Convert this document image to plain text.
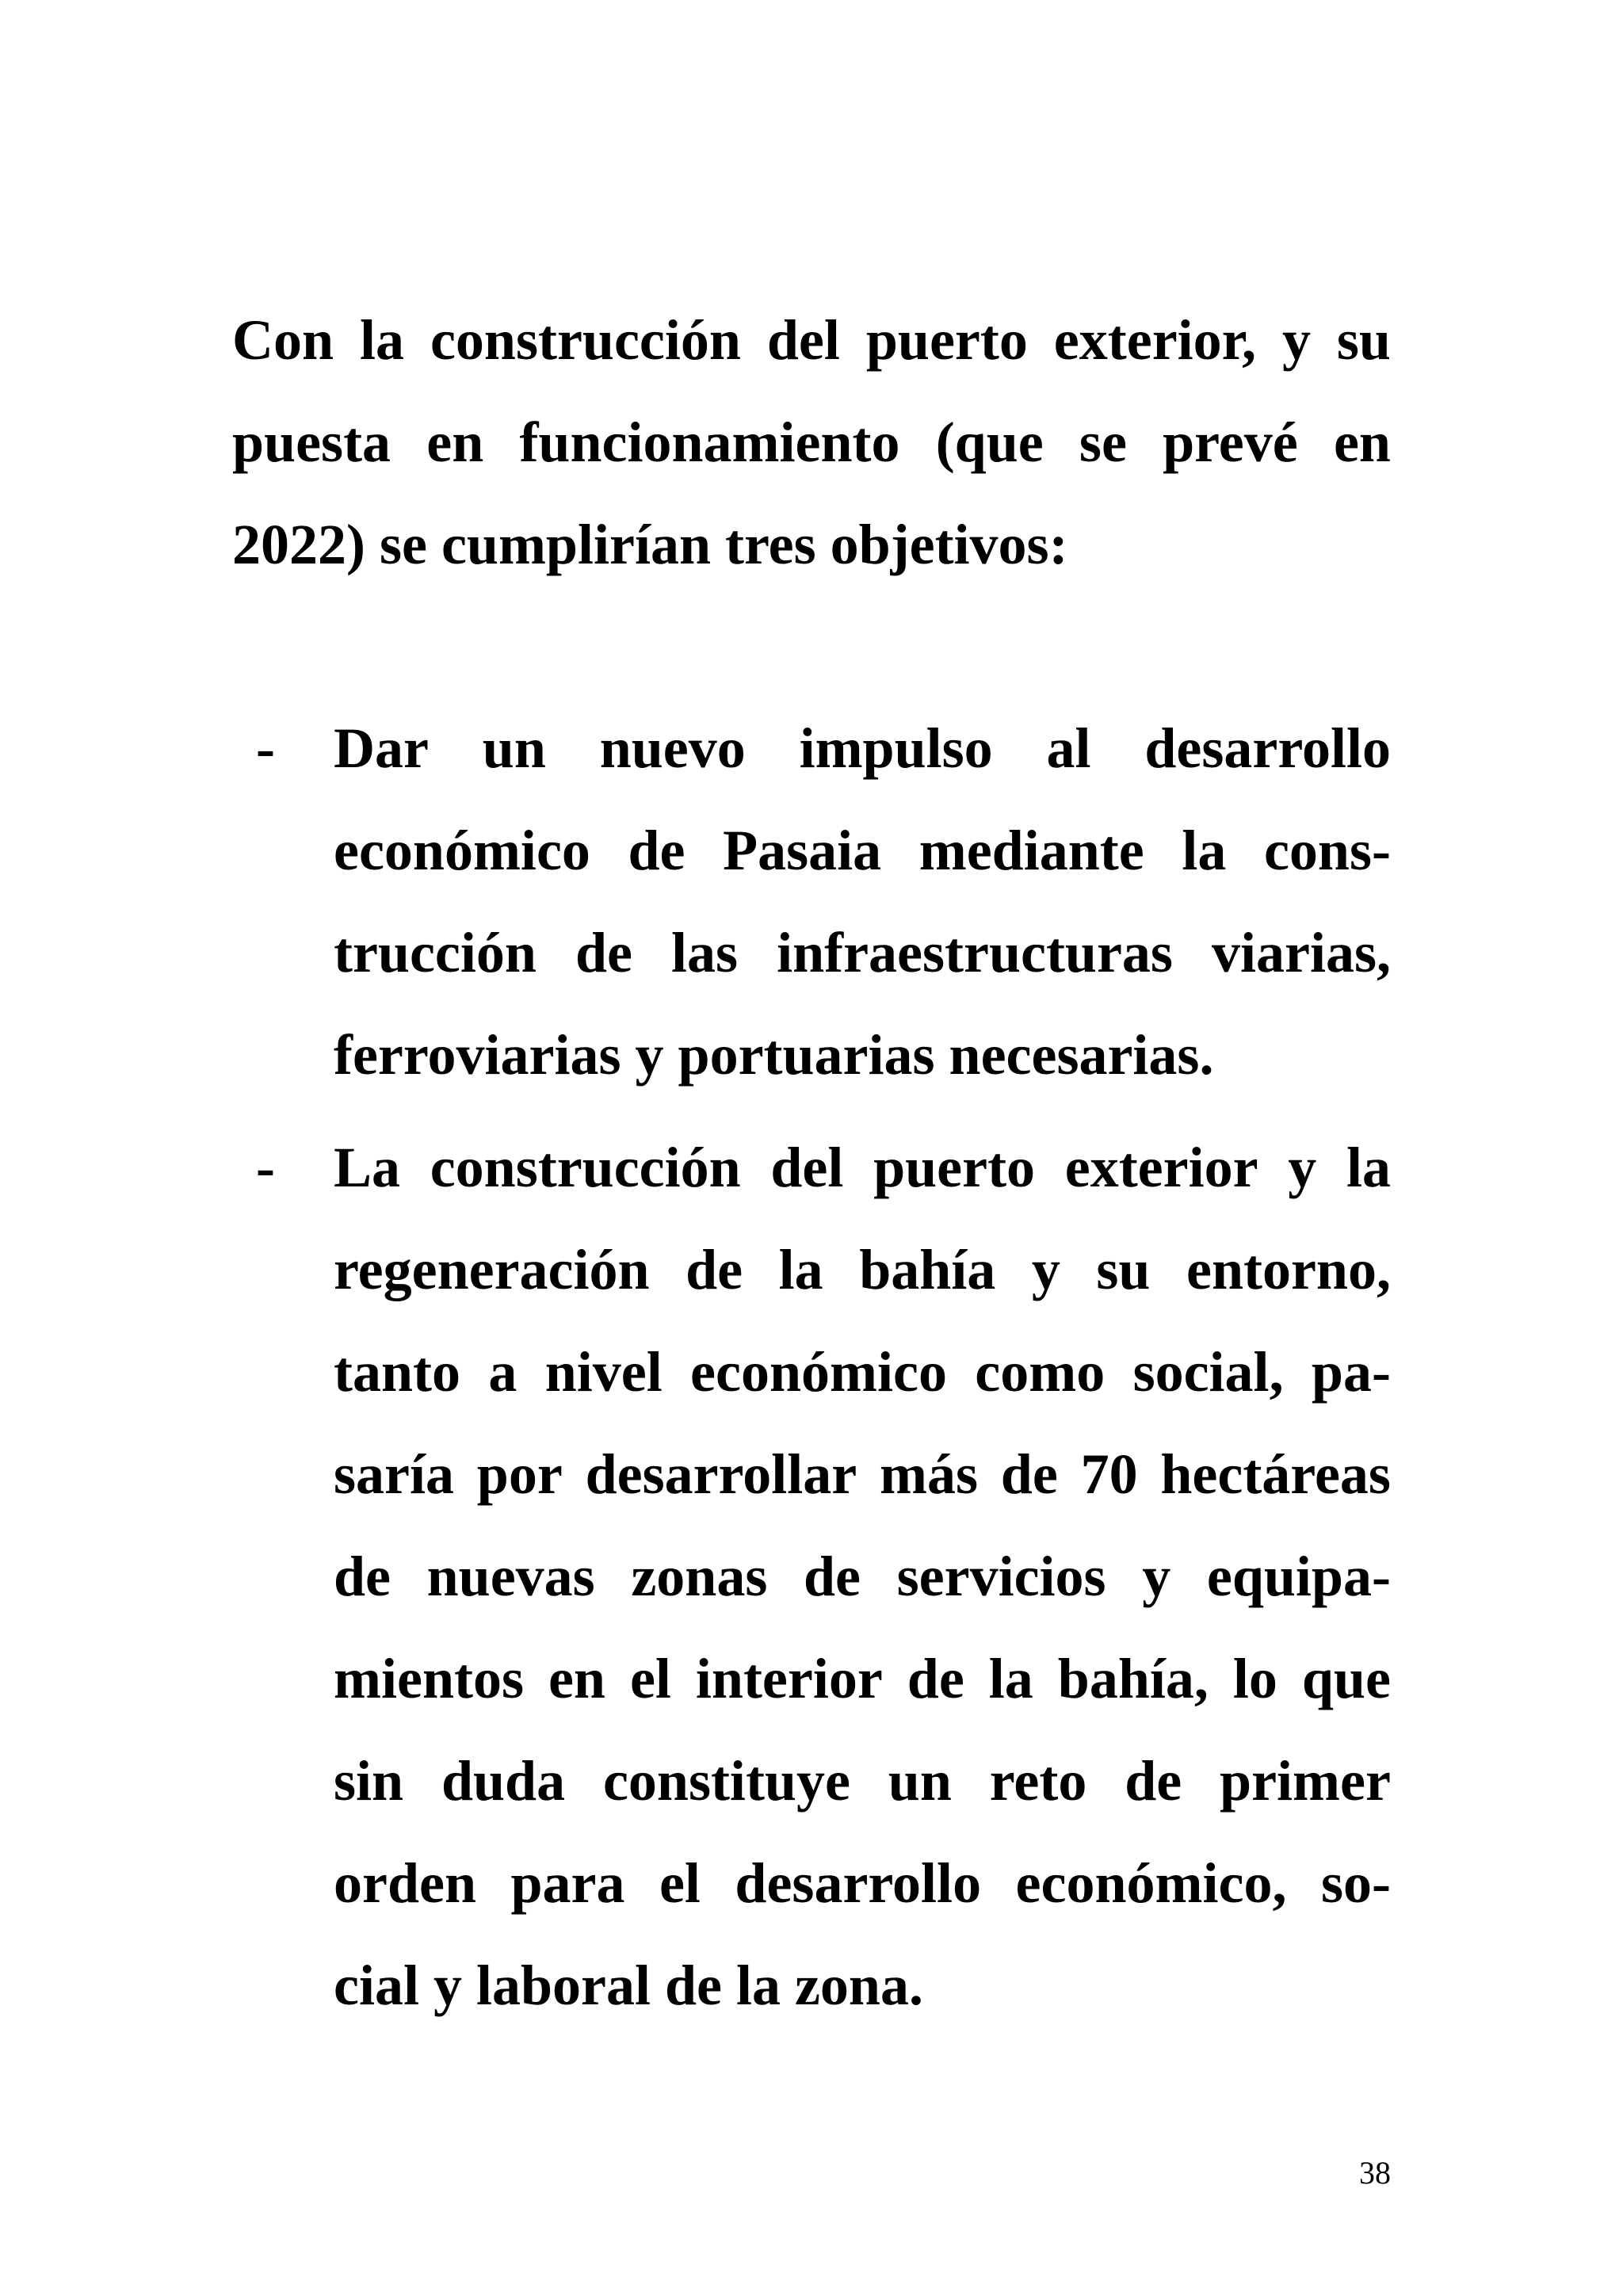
Con la construcción del puerto exterior, y su
puesta en funcionamiento (que se prevé en
2022) se cumplirían tres objetivos:
- Dar un nuevo impulso al desarrollo
económico de Pasaia mediante la cons-
trucción de las infraestructuras viarias,
ferroviarias y portuarias necesarias.
- La construcción del puerto exterior y la
regeneración de la bahía y su entorno,
tanto a nivel económico como social, pa-
saría por desarrollar más de 70 hectáreas
de nuevas zonas de servicios y equipa-
mientos en el interior de la bahía, lo que
sin duda constituye un reto de primer
orden para el desarrollo económico, so-
cial y laboral de la zona.
38
